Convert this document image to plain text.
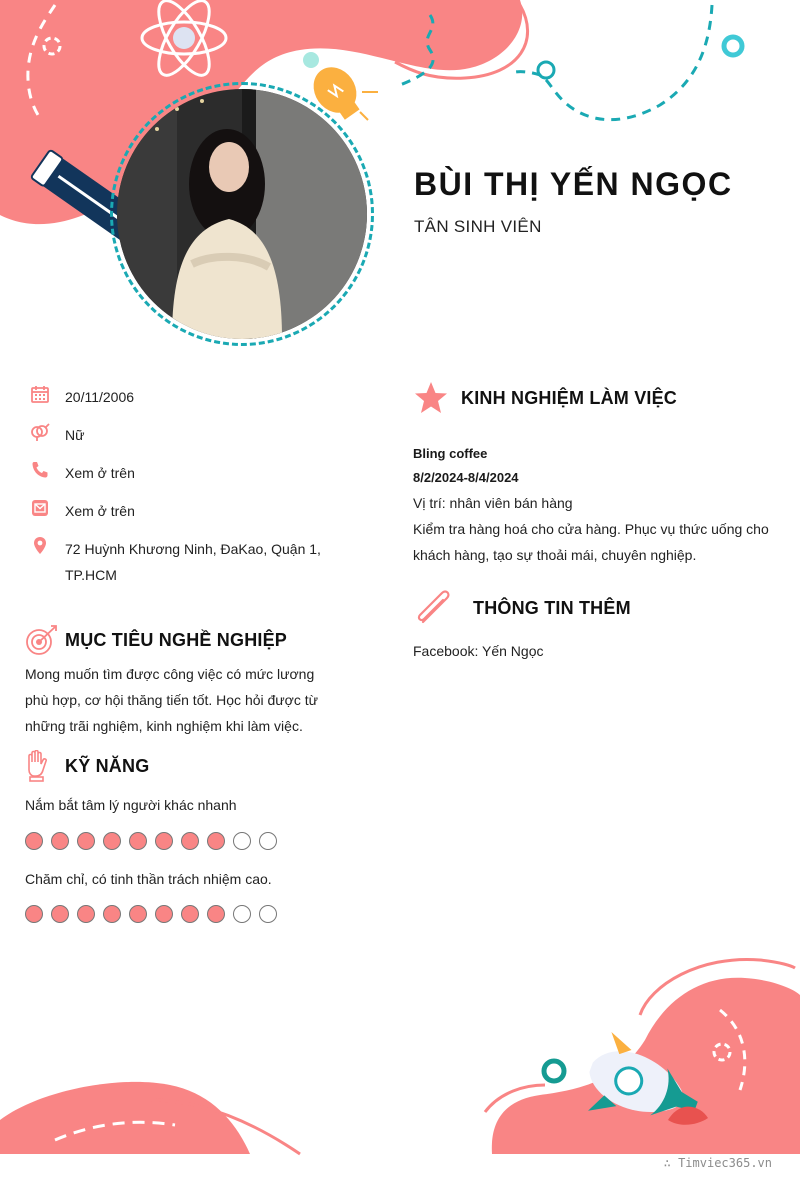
BÙI THỊ YẾN NGỌC
TÂN SINH VIÊN
20/11/2006
Nữ
Xem ở trên
Xem ở trên
72 Huỳnh Khương Ninh, ĐaKao, Quận 1, TP.HCM
MỤC TIÊU NGHỀ NGHIỆP
Mong muốn tìm được công việc có mức lương phù hợp, cơ hội thăng tiến tốt. Học hỏi được từ những trãi nghiệm, kinh nghiệm khi làm việc.
KỸ NĂNG
Nắm bắt tâm lý người khác nhanh
Chăm chỉ, có tinh thần trách nhiệm cao.
KINH NGHIỆM LÀM VIỆC
Bling coffee
8/2/2024-8/4/2024
Vị trí: nhân viên bán hàng
Kiểm tra hàng hoá cho cửa hàng. Phục vụ thức uống cho khách hàng, tạo sự thoải mái, chuyên nghiệp.
THÔNG TIN THÊM
Facebook: Yến Ngọc
∴ Timviec365.vn
